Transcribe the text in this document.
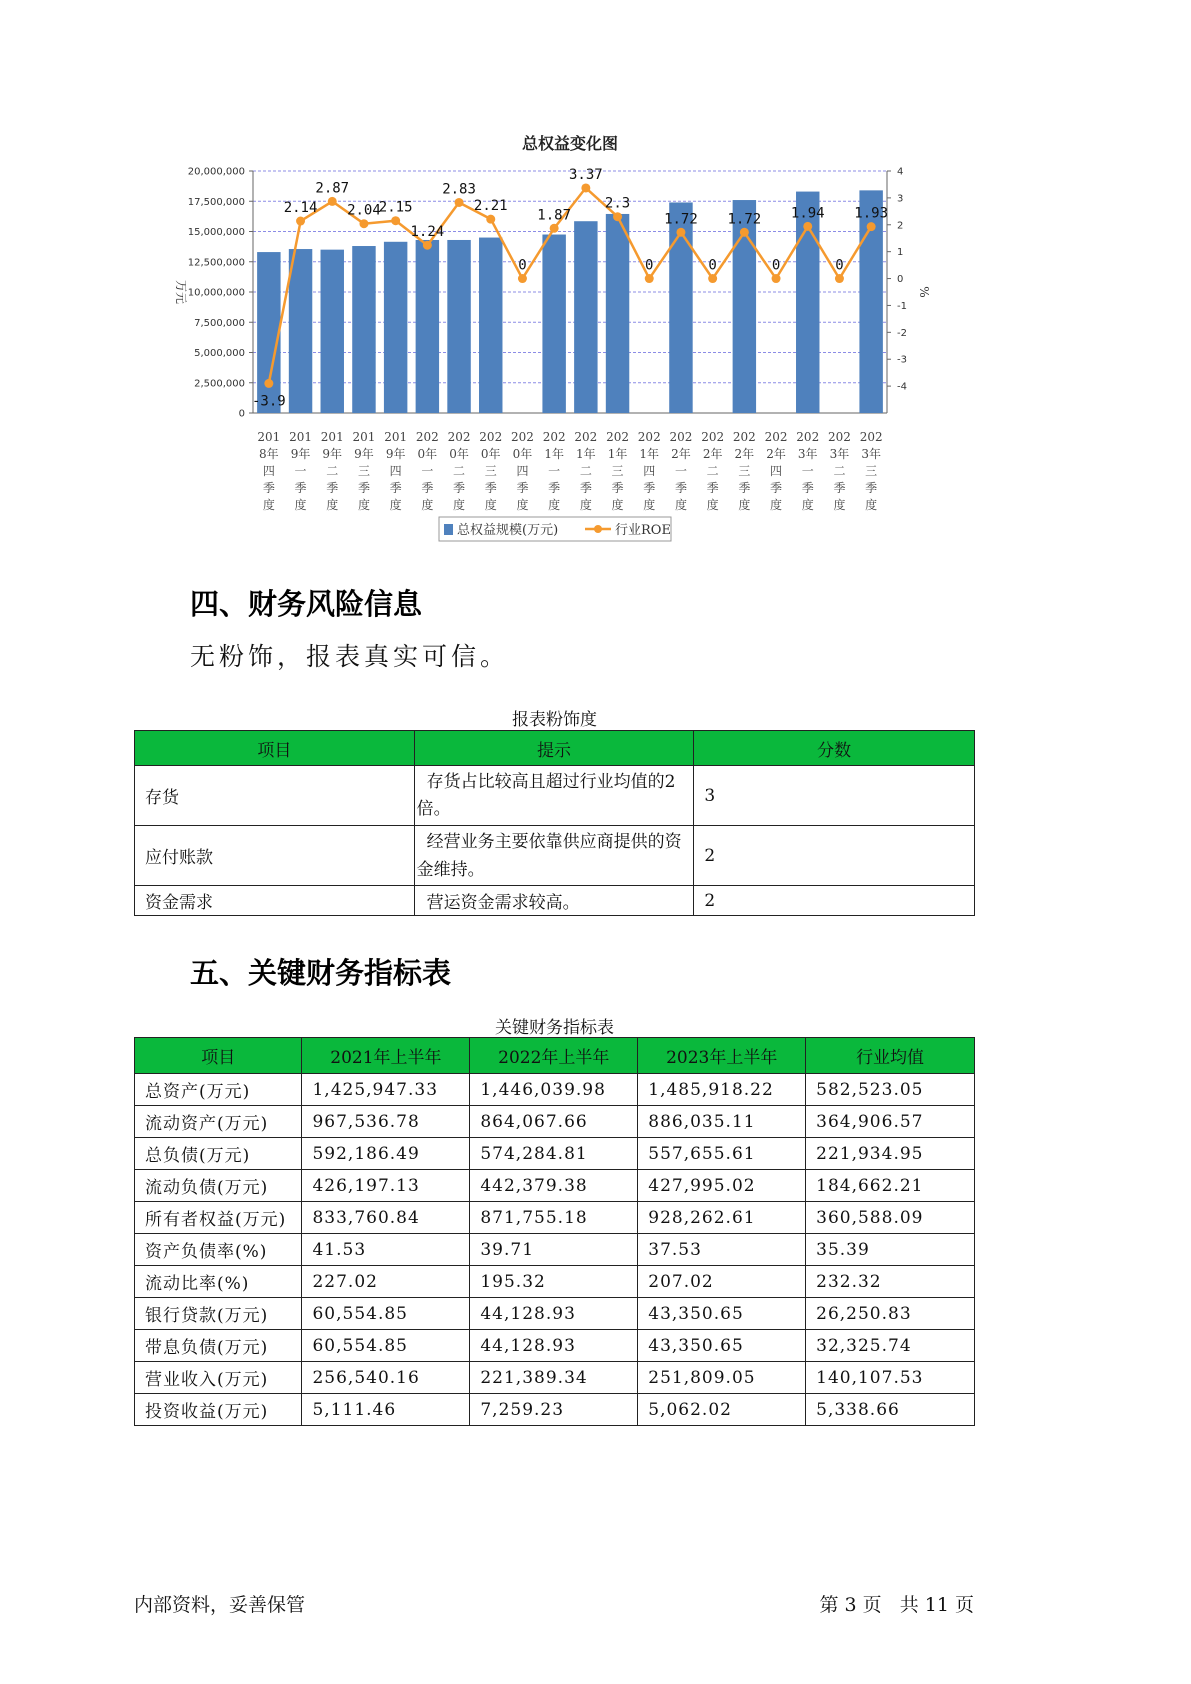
总权益变化图
0
2,500,000
5,000,000
7,500,000
10,000,000
12,500,000
15,000,000
17,500,000
20,000,000
-4
-3
-2
-1
0
1
2
3
4
万元	%
-3.9
2.14
2.87
2.04
2.15
1.24
2.83
2.21
0
1.87
3.37
2.3
0
1.72
0
1.72
0
1.94
0
1.93
201
8年
四
季
度
201
9年
一
季
度
201
9年
二
季
度
201
9年
三
季
度
201
9年
四
季
度
202
0年
一
季
度
202
0年
二
季
度
202
0年
三
季
度
202
0年
四
季
度
202
1年
一
季
度
202
1年
二
季
度
202
1年
三
季
度
202
1年
四
季
度
202
2年
一
季
度
202
2年
二
季
度
202
2年
三
季
度
202
2年
四
季
度
202
3年
一
季
度
202
3年
二
季
度
202
3年
三
季
度
总权益规模(万元)	行业ROE
四、财务风险信息

无粉饰，报表真实可信。

报表粉饰度
项目	提示	分数
存货	存货占比较高且超过行业均值的2倍。	3
应付账款	经营业务主要依靠供应商提供的资金维持。	2
资金需求	营运资金需求较高。	2
五、关键财务指标表
关键财务指标表
项目	2021年上半年	2022年上半年	2023年上半年	行业均值
总资产(万元)	1,425,947.33	1,446,039.98	1,485,918.22	582,523.05
流动资产(万元)	967,536.78	864,067.66	886,035.11	364,906.57
总负债(万元)	592,186.49	574,284.81	557,655.61	221,934.95
流动负债(万元)	426,197.13	442,379.38	427,995.02	184,662.21
所有者权益(万元)	833,760.84	871,755.18	928,262.61	360,588.09
资产负债率(%)	41.53	39.71	37.53	35.39
流动比率(%)	227.02	195.32	207.02	232.32
银行贷款(万元)	60,554.85	44,128.93	43,350.65	26,250.83
带息负债(万元)	60,554.85	44,128.93	43,350.65	32,325.74
营业收入(万元)	256,540.16	221,389.34	251,809.05	140,107.53
投资收益(万元)	5,111.46	7,259.23	5,062.02	5,338.66
内部资料，妥善保管	第 3 页   共 11 页
